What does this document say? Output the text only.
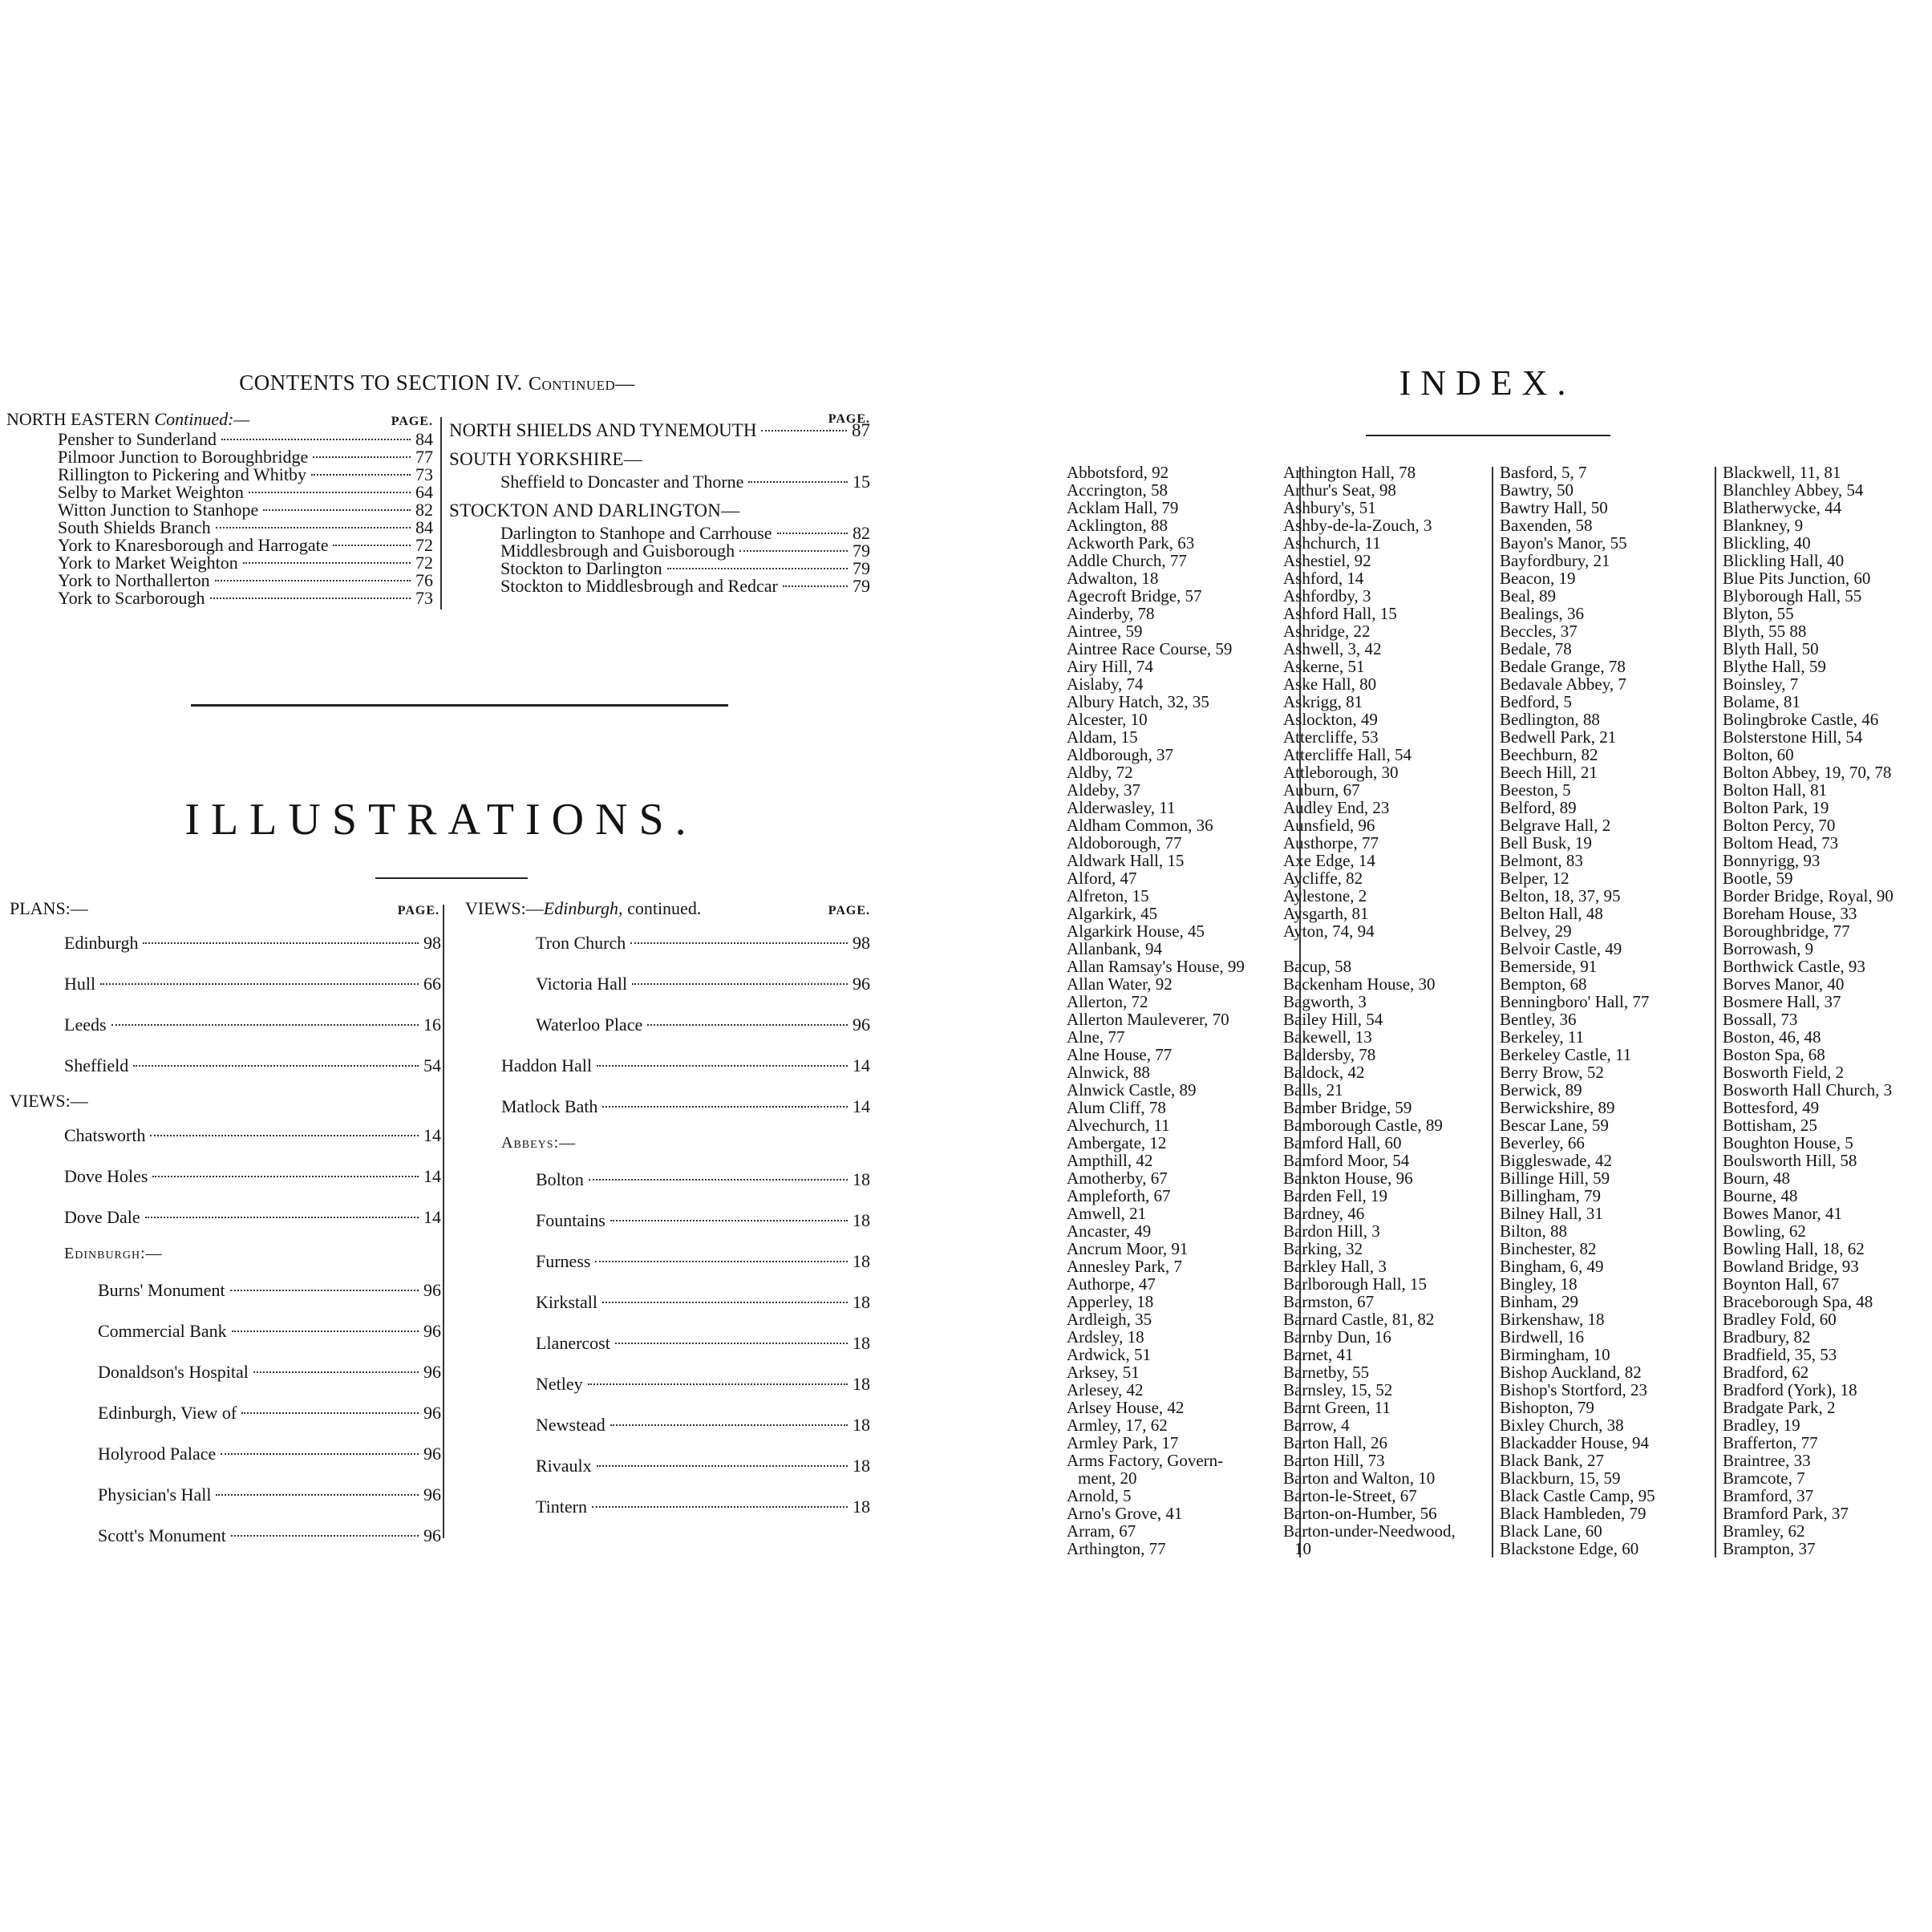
CONTENTS TO SECTION IV. Continued—
NORTH EASTERN Continued:—	PAGE.
Pensher to Sunderland	84
Pilmoor Junction to Boroughbridge	77
Rillington to Pickering and Whitby	73
Selby to Market Weighton	64
Witton Junction to Stanhope	82
South Shields Branch	84
York to Knaresborough and Harrogate	72
York to Market Weighton	72
York to Northallerton	76
York to Scarborough	73
PAGE.
NORTH SHIELDS AND TYNEMOUTH	87
SOUTH YORKSHIRE—
Sheffield to Doncaster and Thorne	15
STOCKTON AND DARLINGTON—
Darlington to Stanhope and Carrhouse	82
Middlesbrough and Guisborough	79
Stockton to Darlington	79
Stockton to Middlesbrough and Redcar	79
ILLUSTRATIONS.
PLANS:—	PAGE.
Edinburgh	98
Hull	66
Leeds	16
Sheffield	54
VIEWS:—
Chatsworth	14
Dove Holes	14
Dove Dale	14
Edinburgh:—
Burns' Monument	96
Commercial Bank	96
Donaldson's Hospital	96
Edinburgh, View of	96
Holyrood Palace	96
Physician's Hall	96
Scott's Monument	96
VIEWS:—Edinburgh, continued.	PAGE.
Tron Church	98
Victoria Hall	96
Waterloo Place	96
Haddon Hall	14
Matlock Bath	14
Abbeys:—
Bolton	18
Fountains	18
Furness	18
Kirkstall	18
Llanercost	18
Netley	18
Newstead	18
Rivaulx	18
Tintern	18
INDEX.
Abbotsford, 92
Accrington, 58
Acklam Hall, 79
Acklington, 88
Ackworth Park, 63
Addle Church, 77
Adwalton, 18
Agecroft Bridge, 57
Ainderby, 78
Aintree, 59
Aintree Race Course, 59
Airy Hill, 74
Aislaby, 74
Albury Hatch, 32, 35
Alcester, 10
Aldam, 15
Aldborough, 37
Aldby, 72
Aldeby, 37
Alderwasley, 11
Aldham Common, 36
Aldoborough, 77
Aldwark Hall, 15
Alford, 47
Alfreton, 15
Algarkirk, 45
Algarkirk House, 45
Allanbank, 94
Allan Ramsay's House, 99
Allan Water, 92
Allerton, 72
Allerton Mauleverer, 70
Alne, 77
Alne House, 77
Alnwick, 88
Alnwick Castle, 89
Alum Cliff, 78
Alvechurch, 11
Ambergate, 12
Ampthill, 42
Amotherby, 67
Ampleforth, 67
Amwell, 21
Ancaster, 49
Ancrum Moor, 91
Annesley Park, 7
Authorpe, 47
Apperley, 18
Ardleigh, 35
Ardsley, 18
Ardwick, 51
Arksey, 51
Arlesey, 42
Arlsey House, 42
Armley, 17, 62
Armley Park, 17
Arms Factory, Govern-
ment, 20
Arnold, 5
Arno's Grove, 41
Arram, 67
Arthington, 77
Arthington Hall, 78
Arthur's Seat, 98
Ashbury's, 51
Ashby-de-la-Zouch, 3
Ashchurch, 11
Ashestiel, 92
Ashford, 14
Ashfordby, 3
Ashford Hall, 15
Ashridge, 22
Ashwell, 3, 42
Askerne, 51
Aske Hall, 80
Askrigg, 81
Aslockton, 49
Attercliffe, 53
Attercliffe Hall, 54
Attleborough, 30
Auburn, 67
Audley End, 23
Aunsfield, 96
Austhorpe, 77
Axe Edge, 14
Aycliffe, 82
Aylestone, 2
Aysgarth, 81
Ayton, 74, 94
Bacup, 58
Backenham House, 30
Bagworth, 3
Bailey Hill, 54
Bakewell, 13
Baldersby, 78
Baldock, 42
Balls, 21
Bamber Bridge, 59
Bamborough Castle, 89
Bamford Hall, 60
Bamford Moor, 54
Bankton House, 96
Barden Fell, 19
Bardney, 46
Bardon Hill, 3
Barking, 32
Barkley Hall, 3
Barlborough Hall, 15
Barmston, 67
Barnard Castle, 81, 82
Barnby Dun, 16
Barnet, 41
Barnetby, 55
Barnsley, 15, 52
Barnt Green, 11
Barrow, 4
Barton Hall, 26
Barton Hill, 73
Barton and Walton, 10
Barton-le-Street, 67
Barton-on-Humber, 56
Barton-under-Needwood,
10
Basford, 5, 7
Bawtry, 50
Bawtry Hall, 50
Baxenden, 58
Bayon's Manor, 55
Bayfordbury, 21
Beacon, 19
Beal, 89
Bealings, 36
Beccles, 37
Bedale, 78
Bedale Grange, 78
Bedavale Abbey, 7
Bedford, 5
Bedlington, 88
Bedwell Park, 21
Beechburn, 82
Beech Hill, 21
Beeston, 5
Belford, 89
Belgrave Hall, 2
Bell Busk, 19
Belmont, 83
Belper, 12
Belton, 18, 37, 95
Belton Hall, 48
Belvey, 29
Belvoir Castle, 49
Bemerside, 91
Bempton, 68
Benningboro' Hall, 77
Bentley, 36
Berkeley, 11
Berkeley Castle, 11
Berry Brow, 52
Berwick, 89
Berwickshire, 89
Bescar Lane, 59
Beverley, 66
Biggleswade, 42
Billinge Hill, 59
Billingham, 79
Bilney Hall, 31
Bilton, 88
Binchester, 82
Bingham, 6, 49
Bingley, 18
Binham, 29
Birkenshaw, 18
Birdwell, 16
Birmingham, 10
Bishop Auckland, 82
Bishop's Stortford, 23
Bishopton, 79
Bixley Church, 38
Blackadder House, 94
Black Bank, 27
Blackburn, 15, 59
Black Castle Camp, 95
Black Hambleden, 79
Black Lane, 60
Blackstone Edge, 60
Blackwell, 11, 81
Blanchley Abbey, 54
Blatherwycke, 44
Blankney, 9
Blickling, 40
Blickling Hall, 40
Blue Pits Junction, 60
Blyborough Hall, 55
Blyton, 55
Blyth, 55 88
Blyth Hall, 50
Blythe Hall, 59
Boinsley, 7
Bolame, 81
Bolingbroke Castle, 46
Bolsterstone Hill, 54
Bolton, 60
Bolton Abbey, 19, 70, 78
Bolton Hall, 81
Bolton Park, 19
Bolton Percy, 70
Boltom Head, 73
Bonnyrigg, 93
Bootle, 59
Border Bridge, Royal, 90
Boreham House, 33
Boroughbridge, 77
Borrowash, 9
Borthwick Castle, 93
Borves Manor, 40
Bosmere Hall, 37
Bossall, 73
Boston, 46, 48
Boston Spa, 68
Bosworth Field, 2
Bosworth Hall Church, 3
Bottesford, 49
Bottisham, 25
Boughton House, 5
Boulsworth Hill, 58
Bourn, 48
Bourne, 48
Bowes Manor, 41
Bowling, 62
Bowling Hall, 18, 62
Bowland Bridge, 93
Boynton Hall, 67
Braceborough Spa, 48
Bradley Fold, 60
Bradbury, 82
Bradfield, 35, 53
Bradford, 62
Bradford (York), 18
Bradgate Park, 2
Bradley, 19
Brafferton, 77
Braintree, 33
Bramcote, 7
Bramford, 37
Bramford Park, 37
Bramley, 62
Brampton, 37
